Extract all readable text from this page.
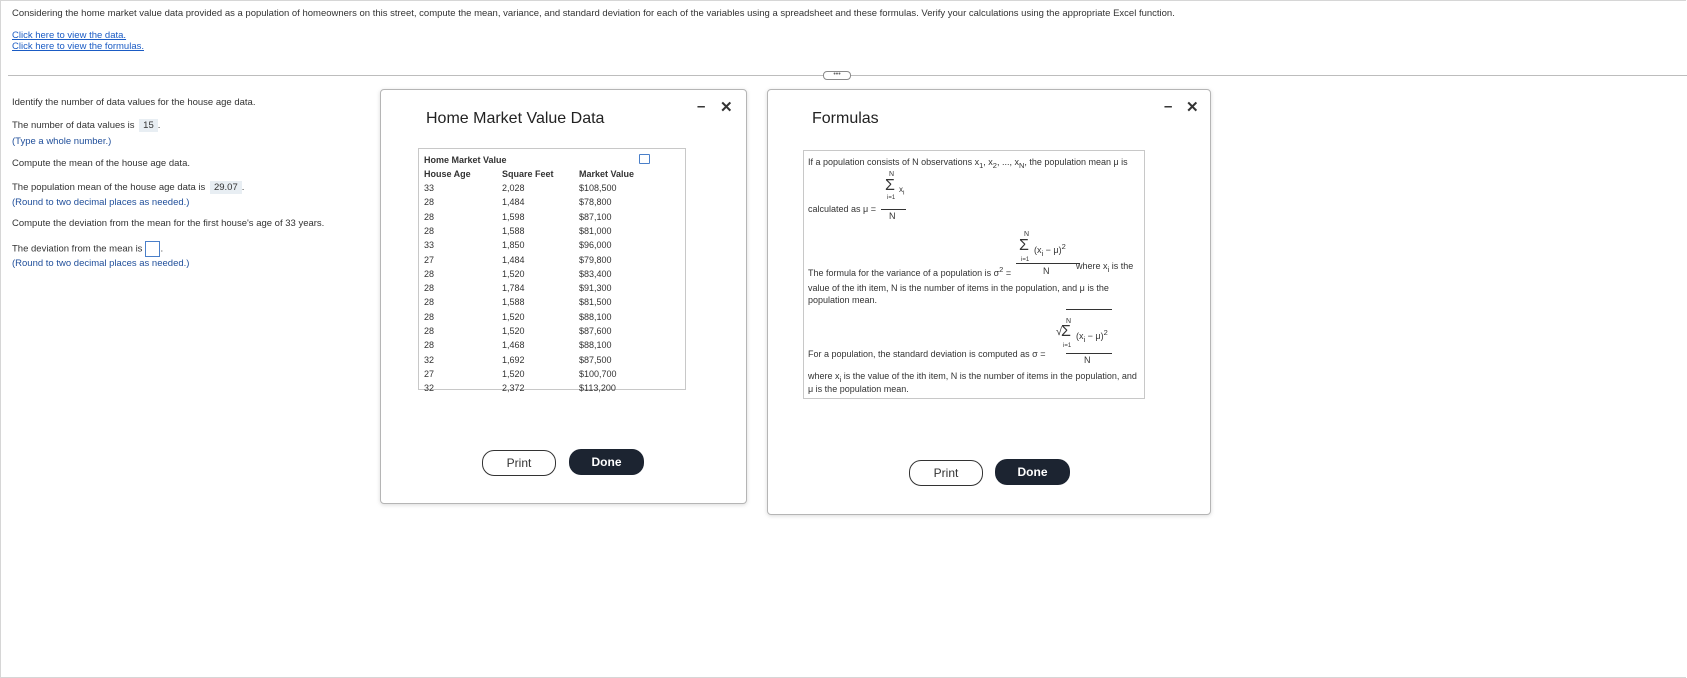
Considering the home market value data provided as a population of homeowners on this street, compute the mean, variance, and standard deviation for each of the variables using a spreadsheet and these formulas. Verify your calculations using the appropriate Excel function.
Click here to view the data.
Click here to view the formulas.
•••
Identify the number of data values for the house age data.
The number of data values is 15 .
(Type a whole number.)
Compute the mean of the house age data.
The population mean of the house age data is 29.07 .
(Round to two decimal places as needed.)
Compute the deviation from the mean for the first house's age of 33 years.
The deviation from the mean is .
(Round to two decimal places as needed.)
Home Market Value Data
– ✕
Home Market Value
House Age	Square Feet	Market Value
33	2,028	$108,500
28	1,484	$78,800
28	1,598	$87,100
28	1,588	$81,000
33	1,850	$96,000
27	1,484	$79,800
28	1,520	$83,400
28	1,784	$91,300
28	1,588	$81,500
28	1,520	$88,100
28	1,520	$87,600
28	1,468	$88,100
32	1,692	$87,500
27	1,520	$100,700
32	2,372	$113,200
Print	Done
Formulas
– ✕
If a population consists of N observations $x_1$, $x_2$, ..., $x_N$, the population mean μ is
N
Σ $x_i$
i=1
calculated as μ =
N
N
Σ $(x_i - \mu)^2$
i=1
The formula for the variance of a population is $\sigma^2$ =	N	where $x_i$ is the
value of the ith item, N is the number of items in the population, and μ is the
population mean.
√
N
Σ $(x_i - \mu)^2$
i=1
For a population, the standard deviation is computed as σ =
N
where $x_i$ is the value of the ith item, N is the number of items in the population, and
μ is the population mean.
Print	Done
